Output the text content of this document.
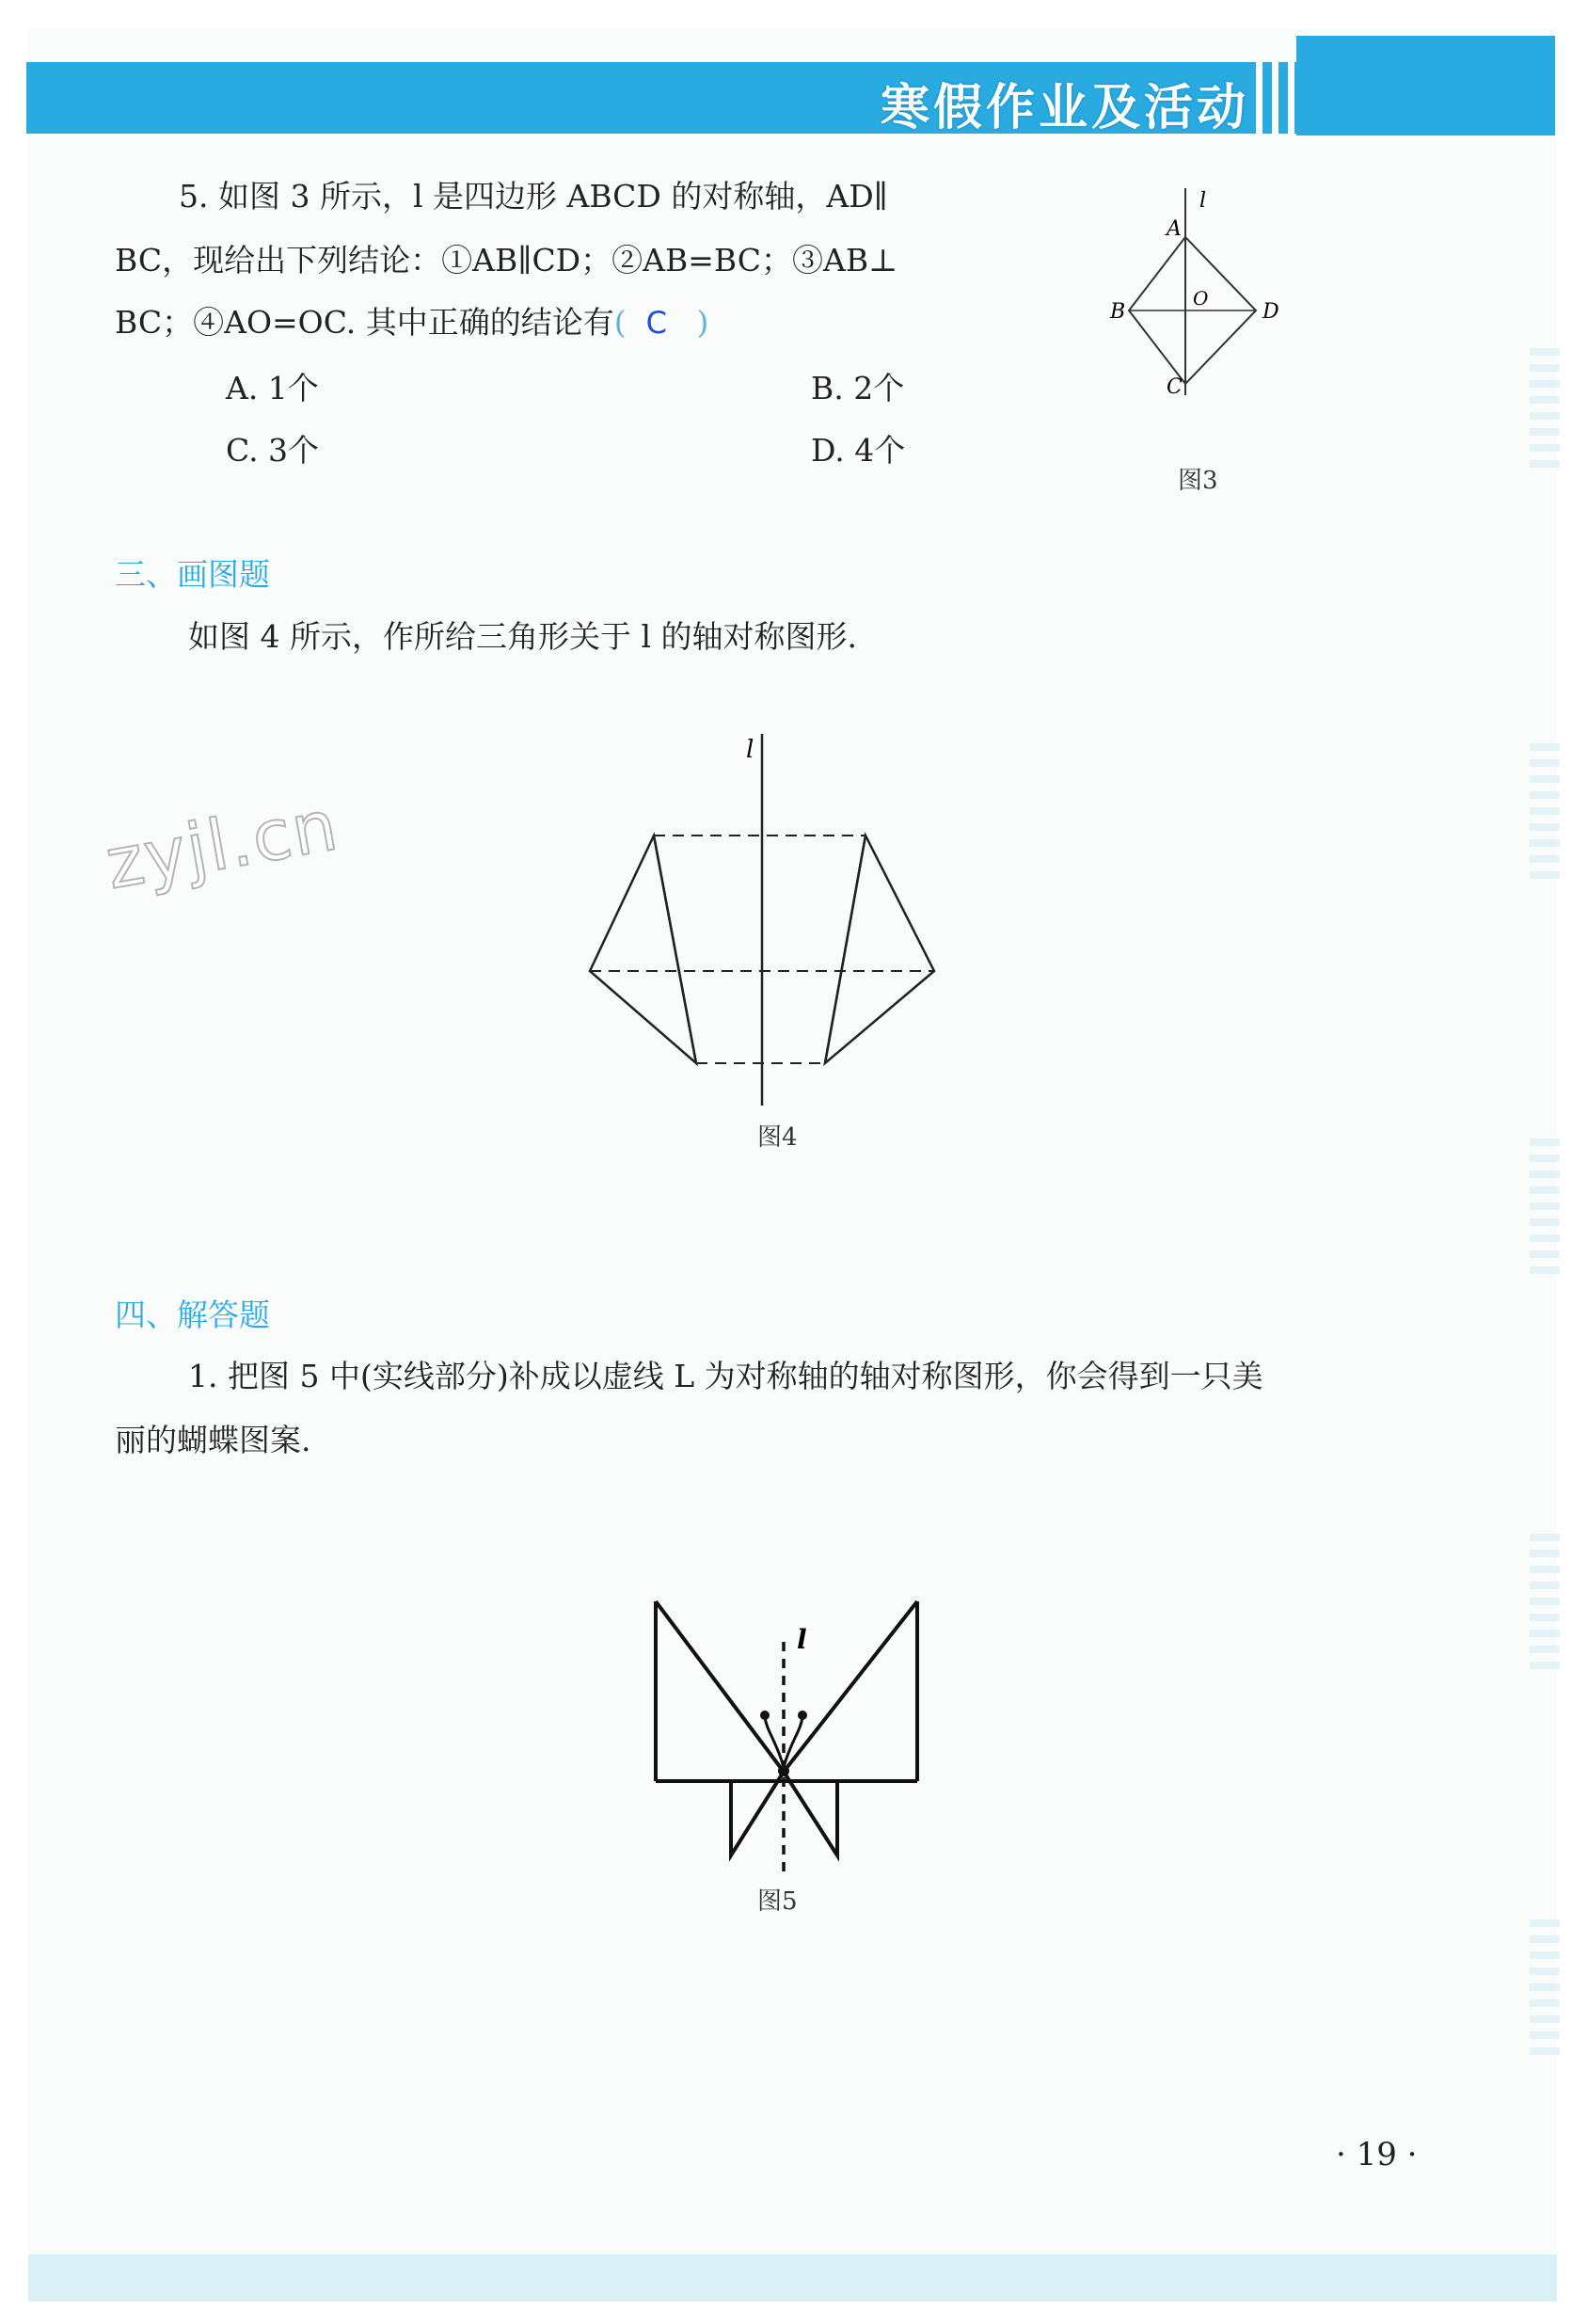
寒假作业及活动
5. 如图 3 所示，l 是四边形 ABCD 的对称轴，AD∥
BC，现给出下列结论：①AB∥CD；②AB=BC；③AB⊥
BC；④AO=OC. 其中正确的结论有( C )
A. 1个	B. 2个
C. 3个	D. 4个
l
A
B
O
D
C
图3
三、画图题
如图 4 所示，作所给三角形关于 l 的轴对称图形.
l
图4
zyjl.cn
四、解答题
1. 把图 5 中(实线部分)补成以虚线 L 为对称轴的轴对称图形，你会得到一只美
丽的蝴蝶图案.
l
图5
· 19 ·
